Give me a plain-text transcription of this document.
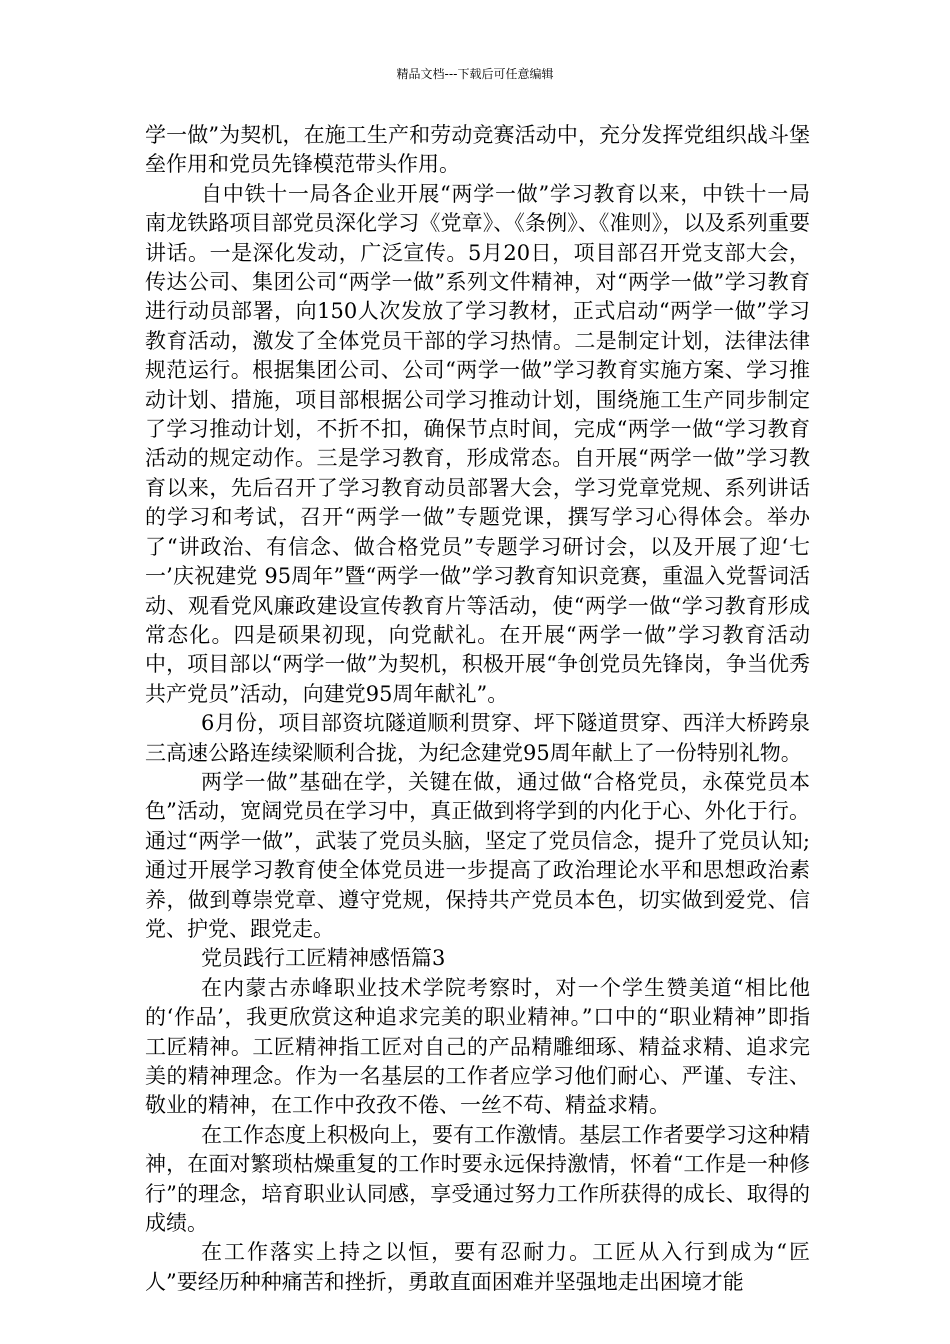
精品文档---下载后可任意编辑

学一做”为契机，在施工生产和劳动竞赛活动中，充分发挥党组织战斗堡垒作用和党员先锋模范带头作用。

自中铁十一局各企业开展“两学一做”学习教育以来，中铁十一局南龙铁路项目部党员深化学习《党章》、《条例》、《准则》，以及系列重要讲话。一是深化发动，广泛宣传。5月20日，项目部召开党支部大会，传达公司、集团公司“两学一做”系列文件精神，对“两学一做”学习教育进行动员部署，向150人次发放了学习教材，正式启动“两学一做”学习教育活动，激发了全体党员干部的学习热情。二是制定计划，法律法律规范运行。根据集团公司、公司“两学一做”学习教育实施方案、学习推动计划、措施，项目部根据公司学习推动计划，围绕施工生产同步制定了学习推动计划，不折不扣，确保节点时间，完成“两学一做“学习教育活动的规定动作。三是学习教育，形成常态。自开展“两学一做”学习教育以来，先后召开了学习教育动员部署大会，学习党章党规、系列讲话的学习和考试，召开“两学一做”专题党课，撰写学习心得体会。举办了“讲政治、有信念、做合格党员”专题学习研讨会，以及开展了迎‘七一’庆祝建党 95周年”暨“两学一做”学习教育知识竞赛，重温入党誓词活动、观看党风廉政建设宣传教育片等活动，使“两学一做“学习教育形成常态化。四是硕果初现，向党献礼。在开展“两学一做”学习教育活动中，项目部以“两学一做”为契机，积极开展“争创党员先锋岗，争当优秀共产党员”活动，向建党95周年献礼”。

6月份，项目部资坑隧道顺利贯穿、坪下隧道贯穿、西洋大桥跨泉三高速公路连续梁顺利合拢，为纪念建党95周年献上了一份特别礼物。

两学一做”基础在学，关键在做，通过做“合格党员，永葆党员本色”活动，宽阔党员在学习中，真正做到将学到的内化于心、外化于行。通过“两学一做”，武装了党员头脑，坚定了党员信念，提升了党员认知;通过开展学习教育使全体党员进一步提高了政治理论水平和思想政治素养，做到尊崇党章、遵守党规，保持共产党员本色，切实做到爱党、信党、护党、跟党走。

党员践行工匠精神感悟篇3

在内蒙古赤峰职业技术学院考察时，对一个学生赞美道“相比他的‘作品’，我更欣赏这种追求完美的职业精神。”口中的“职业精神”即指工匠精神。工匠精神指工匠对自己的产品精雕细琢、精益求精、追求完美的精神理念。作为一名基层的工作者应学习他们耐心、严谨、专注、敬业的精神，在工作中孜孜不倦、一丝不苟、精益求精。

在工作态度上积极向上，要有工作激情。基层工作者要学习这种精神，在面对繁琐枯燥重复的工作时要永远保持激情，怀着“工作是一种修行”的理念，培育职业认同感，享受通过努力工作所获得的成长、取得的成绩。

在工作落实上持之以恒，要有忍耐力。工匠从入行到成为“匠人”要经历种种痛苦和挫折，勇敢直面困难并坚强地走出困境才能
